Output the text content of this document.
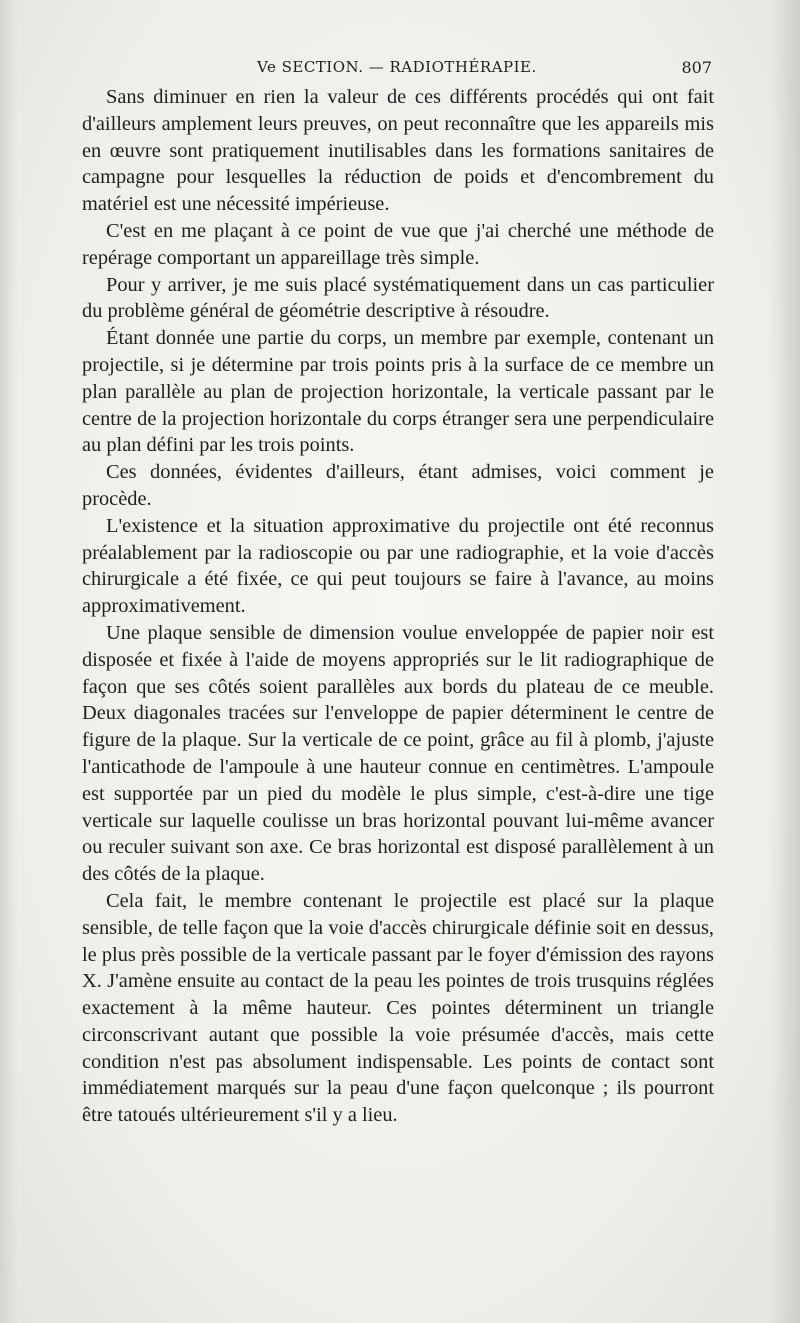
Ve SECTION. — RADIOTHÉRAPIE.	807

Sans diminuer en rien la valeur de ces différents procédés qui ont fait d'ailleurs amplement leurs preuves, on peut reconnaître que les appareils mis en œuvre sont pratiquement inutilisables dans les formations sanitaires de campagne pour lesquelles la réduction de poids et d'encombrement du matériel est une nécessité impérieuse.

C'est en me plaçant à ce point de vue que j'ai cherché une méthode de repérage comportant un appareillage très simple.

Pour y arriver, je me suis placé systématiquement dans un cas particulier du problème général de géométrie descriptive à résoudre.

Étant donnée une partie du corps, un membre par exemple, contenant un projectile, si je détermine par trois points pris à la surface de ce membre un plan parallèle au plan de projection horizontale, la verticale passant par le centre de la projection horizontale du corps étranger sera une perpendiculaire au plan défini par les trois points.

Ces données, évidentes d'ailleurs, étant admises, voici comment je procède.

L'existence et la situation approximative du projectile ont été reconnus préalablement par la radioscopie ou par une radiographie, et la voie d'accès chirurgicale a été fixée, ce qui peut toujours se faire à l'avance, au moins approximativement.

Une plaque sensible de dimension voulue enveloppée de papier noir est disposée et fixée à l'aide de moyens appropriés sur le lit radiographique de façon que ses côtés soient parallèles aux bords du plateau de ce meuble. Deux diagonales tracées sur l'enveloppe de papier déterminent le centre de figure de la plaque. Sur la verticale de ce point, grâce au fil à plomb, j'ajuste l'anticathode de l'ampoule à une hauteur connue en centimètres. L'ampoule est supportée par un pied du modèle le plus simple, c'est-à-dire une tige verticale sur laquelle coulisse un bras horizontal pouvant lui-même avancer ou reculer suivant son axe. Ce bras horizontal est disposé parallèlement à un des côtés de la plaque.

Cela fait, le membre contenant le projectile est placé sur la plaque sensible, de telle façon que la voie d'accès chirurgicale définie soit en dessus, le plus près possible de la verticale passant par le foyer d'émission des rayons X. J'amène ensuite au contact de la peau les pointes de trois trusquins réglées exactement à la même hauteur. Ces pointes déterminent un triangle circonscrivant autant que possible la voie présumée d'accès, mais cette condition n'est pas absolument indispensable. Les points de contact sont immédiatement marqués sur la peau d'une façon quelconque ; ils pourront être tatoués ultérieurement s'il y a lieu.
